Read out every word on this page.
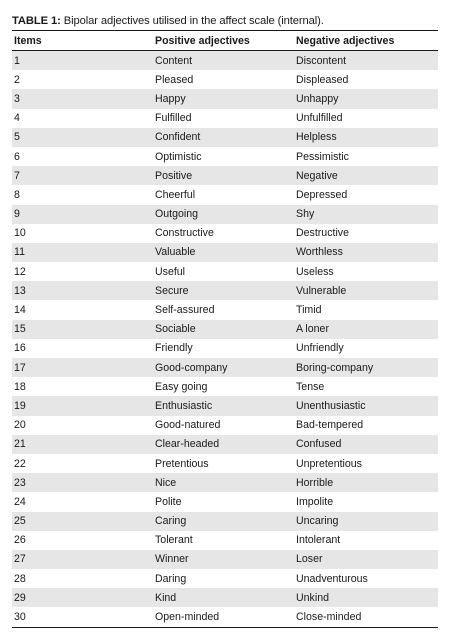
TABLE 1: Bipolar adjectives utilised in the affect scale (internal).
Items	Positive adjectives	Negative adjectives
1	Content	Discontent
2	Pleased	Displeased
3	Happy	Unhappy
4	Fulfilled	Unfulfilled
5	Confident	Helpless
6	Optimistic	Pessimistic
7	Positive	Negative
8	Cheerful	Depressed
9	Outgoing	Shy
10	Constructive	Destructive
11	Valuable	Worthless
12	Useful	Useless
13	Secure	Vulnerable
14	Self-assured	Timid
15	Sociable	A loner
16	Friendly	Unfriendly
17	Good-company	Boring-company
18	Easy going	Tense
19	Enthusiastic	Unenthusiastic
20	Good-natured	Bad-tempered
21	Clear-headed	Confused
22	Pretentious	Unpretentious
23	Nice	Horrible
24	Polite	Impolite
25	Caring	Uncaring
26	Tolerant	Intolerant
27	Winner	Loser
28	Daring	Unadventurous
29	Kind	Unkind
30	Open-minded	Close-minded
